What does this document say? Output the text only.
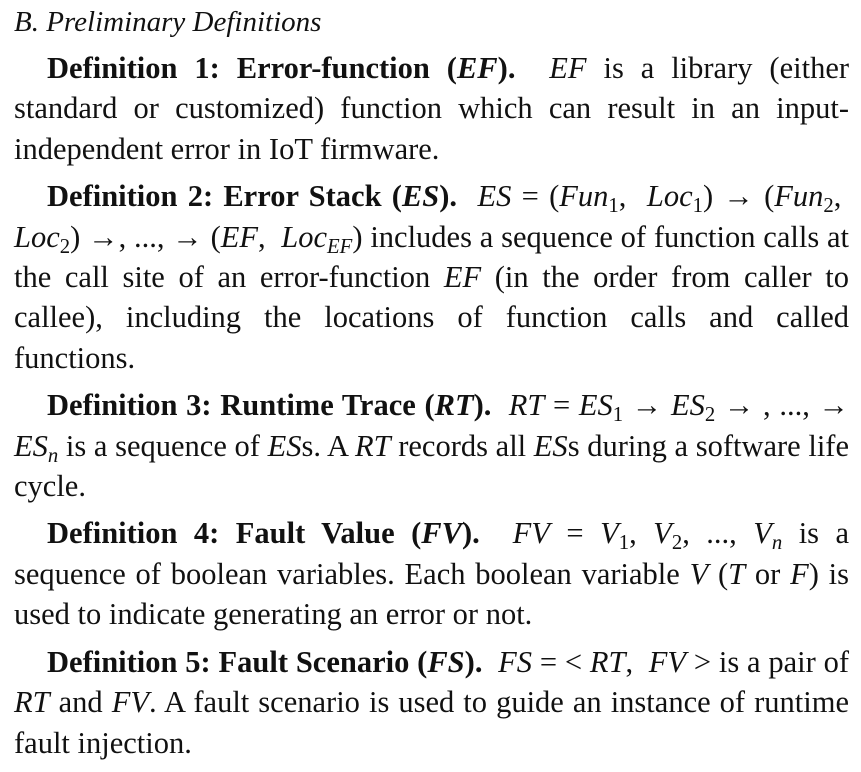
B. Preliminary Definitions

Definition 1: Error-function (EF). EF is a library (either standard or customized) function which can result in an input-independent error in IoT firmware.

Definition 2: Error Stack (ES). ES = (Fun$_1$,  Loc$_1$) → (Fun$_2$,  Loc$_2$) →, ..., → (EF,  Loc$_{EF}$) includes a sequence of function calls at the call site of an error-function EF (in the order from caller to callee), including the locations of function calls and called functions.

Definition 3: Runtime Trace (RT). RT = $ES_1 \to ES_2$ → , ..., → $ES_n$ is a sequence of ESs. A RT records all ESs during a software life cycle.

Definition 4: Fault Value (FV). FV = $V_1$, $V_2$, ..., $V_n$ is a sequence of boolean variables. Each boolean variable V (T or F) is used to indicate generating an error or not.

Definition 5: Fault Scenario (FS). FS = < RT,  FV > is a pair of RT and FV. A fault scenario is used to guide an instance of runtime fault injection.
